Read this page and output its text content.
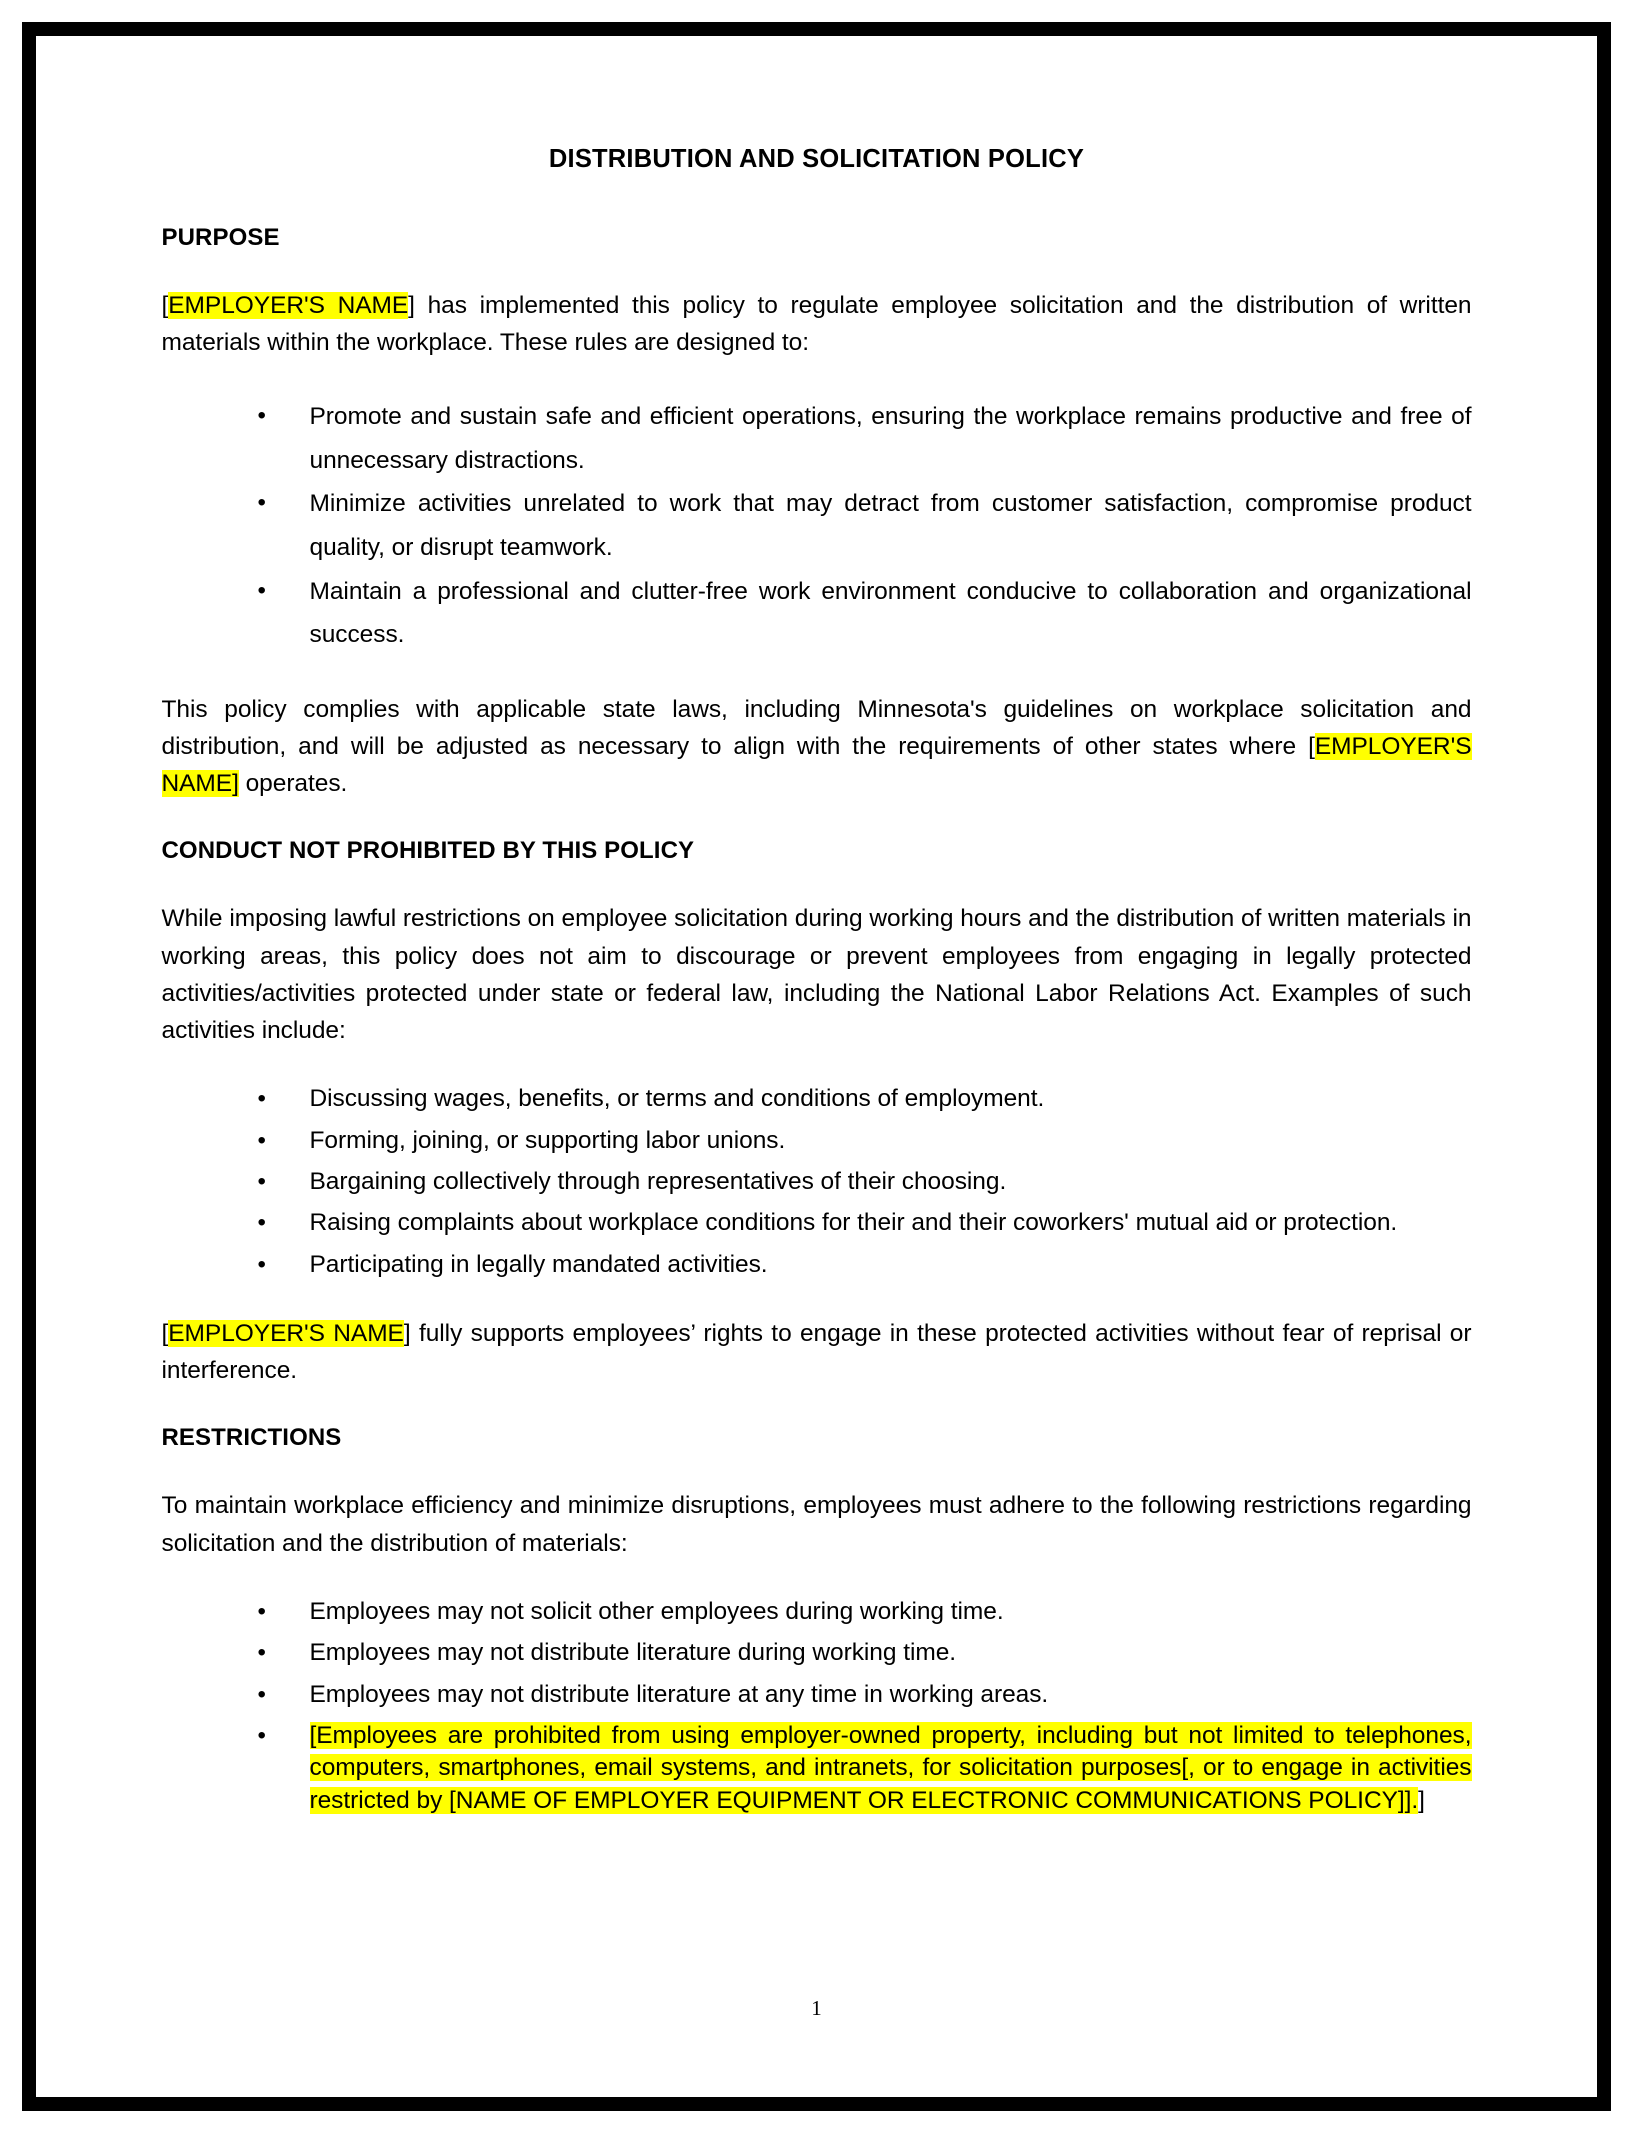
DISTRIBUTION AND SOLICITATION POLICY
PURPOSE

[EMPLOYER'S NAME] has implemented this policy to regulate employee solicitation and the distribution of written materials within the workplace. These rules are designed to:

• Promote and sustain safe and efficient operations, ensuring the workplace remains productive and free of unnecessary distractions.
• Minimize activities unrelated to work that may detract from customer satisfaction, compromise product quality, or disrupt teamwork.
• Maintain a professional and clutter-free work environment conducive to collaboration and organizational success.

This policy complies with applicable state laws, including Minnesota's guidelines on workplace solicitation and distribution, and will be adjusted as necessary to align with the requirements of other states where [EMPLOYER'S NAME] operates.

CONDUCT NOT PROHIBITED BY THIS POLICY

While imposing lawful restrictions on employee solicitation during working hours and the distribution of written materials in working areas, this policy does not aim to discourage or prevent employees from engaging in legally protected activities/activities protected under state or federal law, including the National Labor Relations Act. Examples of such activities include:

• Discussing wages, benefits, or terms and conditions of employment.
• Forming, joining, or supporting labor unions.
• Bargaining collectively through representatives of their choosing.
• Raising complaints about workplace conditions for their and their coworkers' mutual aid or protection.
• Participating in legally mandated activities.

[EMPLOYER'S NAME] fully supports employees’ rights to engage in these protected activities without fear of reprisal or interference.

RESTRICTIONS

To maintain workplace efficiency and minimize disruptions, employees must adhere to the following restrictions regarding solicitation and the distribution of materials:

• Employees may not solicit other employees during working time.
• Employees may not distribute literature during working time.
• Employees may not distribute literature at any time in working areas.
• [Employees are prohibited from using employer-owned property, including but not limited to telephones, computers, smartphones, email systems, and intranets, for solicitation purposes[, or to engage in activities restricted by [NAME OF EMPLOYER EQUIPMENT OR ELECTRONIC COMMUNICATIONS POLICY]].]
1
